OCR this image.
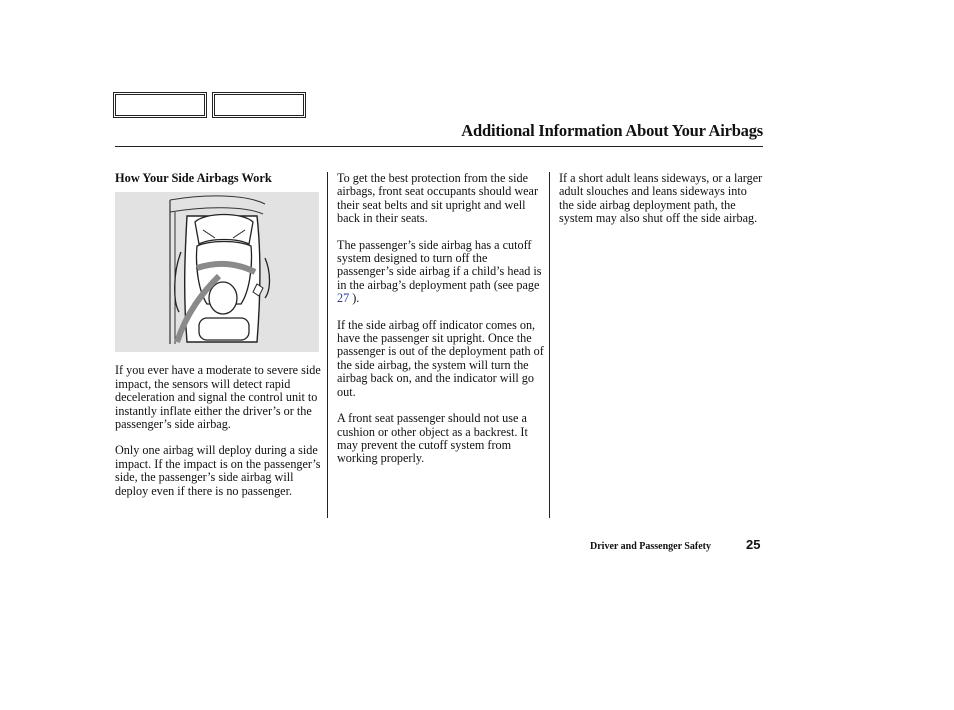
Additional Information About Your Airbags
How Your Side Airbags Work

If you ever have a moderate to severe side impact, the sensors will detect rapid deceleration and signal the control unit to instantly inflate either the driver’s or the passenger’s side airbag.

Only one airbag will deploy during a side impact. If the impact is on the passenger’s side, the passenger’s side airbag will deploy even if there is no passenger.

To get the best protection from the side airbags, front seat occupants should wear their seat belts and sit upright and well back in their seats.

The passenger’s side airbag has a cutoff system designed to turn off the passenger’s side airbag if a child’s head is in the airbag’s deployment path (see page 27 ).

If the side airbag off indicator comes on, have the passenger sit upright. Once the passenger is out of the deployment path of the side airbag, the system will turn the airbag back on, and the indicator will go out.

A front seat passenger should not use a cushion or other object as a backrest. It may prevent the cutoff system from working properly.

If a short adult leans sideways, or a larger adult slouches and leans sideways into the side airbag deployment path, the system may also shut off the side airbag.

Driver and Passenger Safety	25
